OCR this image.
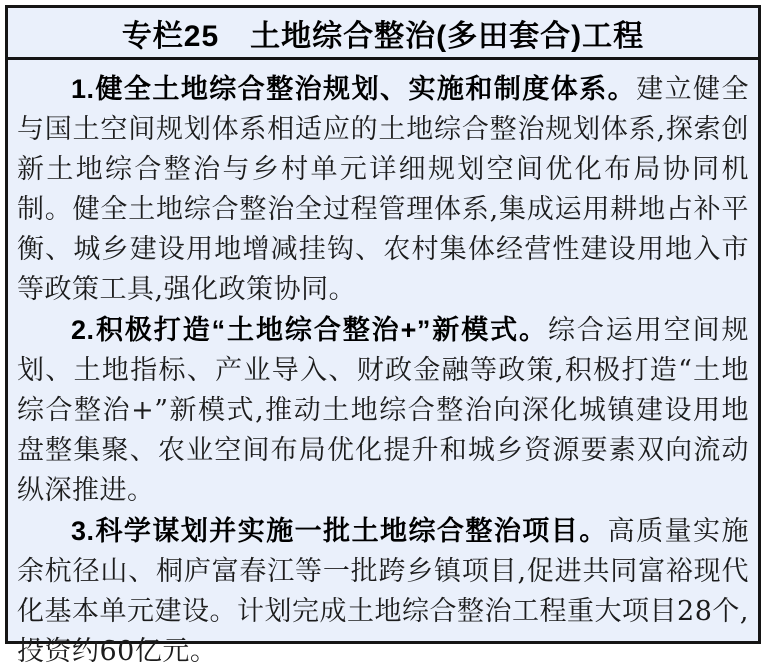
专栏25　土地综合整治(多田套合)工程

1.健全土地综合整治规划、实施和制度体系。建立健全与国土空间规划体系相适应的土地综合整治规划体系,探索创新土地综合整治与乡村单元详细规划空间优化布局协同机制。健全土地综合整治全过程管理体系,集成运用耕地占补平衡、城乡建设用地增减挂钩、农村集体经营性建设用地入市等政策工具,强化政策协同。

2.积极打造“土地综合整治+”新模式。综合运用空间规划、土地指标、产业导入、财政金融等政策,积极打造“土地综合整治+”新模式,推动土地综合整治向深化城镇建设用地盘整集聚、农业空间布局优化提升和城乡资源要素双向流动纵深推进。

3.科学谋划并实施一批土地综合整治项目。高质量实施余杭径山、桐庐富春江等一批跨乡镇项目,促进共同富裕现代化基本单元建设。计划完成土地综合整治工程重大项目28个,投资约60亿元。
